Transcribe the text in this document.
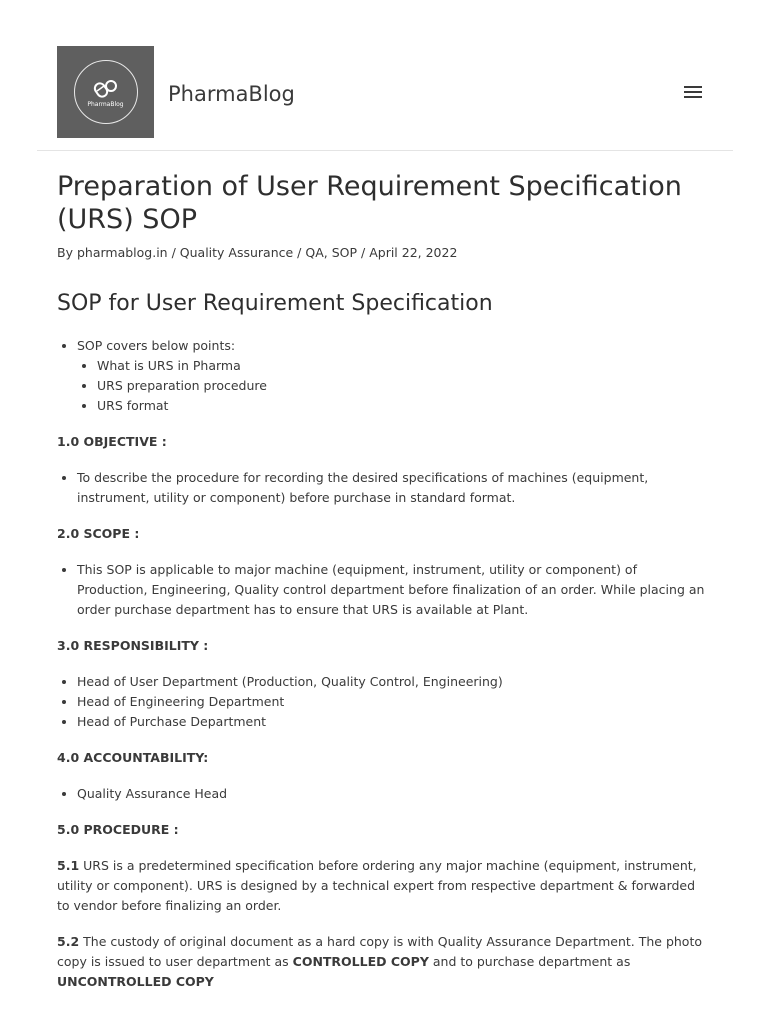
PharmaBlog PharmaBlog
Preparation of User Requirement Specification (URS) SOP
By pharmablog.in / Quality Assurance / QA, SOP / April 22, 2022
SOP for User Requirement Specification
SOP covers below points:
What is URS in Pharma
URS preparation procedure
URS format
1.0 OBJECTIVE :
To describe the procedure for recording the desired specifications of machines (equipment, instrument, utility or component) before purchase in standard format.
2.0 SCOPE :
This SOP is applicable to major machine (equipment, instrument, utility or component) of Production, Engineering, Quality control department before finalization of an order. While placing an order purchase department has to ensure that URS is available at Plant.
3.0 RESPONSIBILITY :
Head of User Department (Production, Quality Control, Engineering)
Head of Engineering Department
Head of Purchase Department
4.0 ACCOUNTABILITY:
Quality Assurance Head
5.0 PROCEDURE :

5.1 URS is a predetermined specification before ordering any major machine (equipment, instrument, utility or component). URS is designed by a technical expert from respective department & forwarded to vendor before finalizing an order.

5.2 The custody of original document as a hard copy is with Quality Assurance Department. The photo copy is issued to user department as CONTROLLED COPY and to purchase department as UNCONTROLLED COPY
